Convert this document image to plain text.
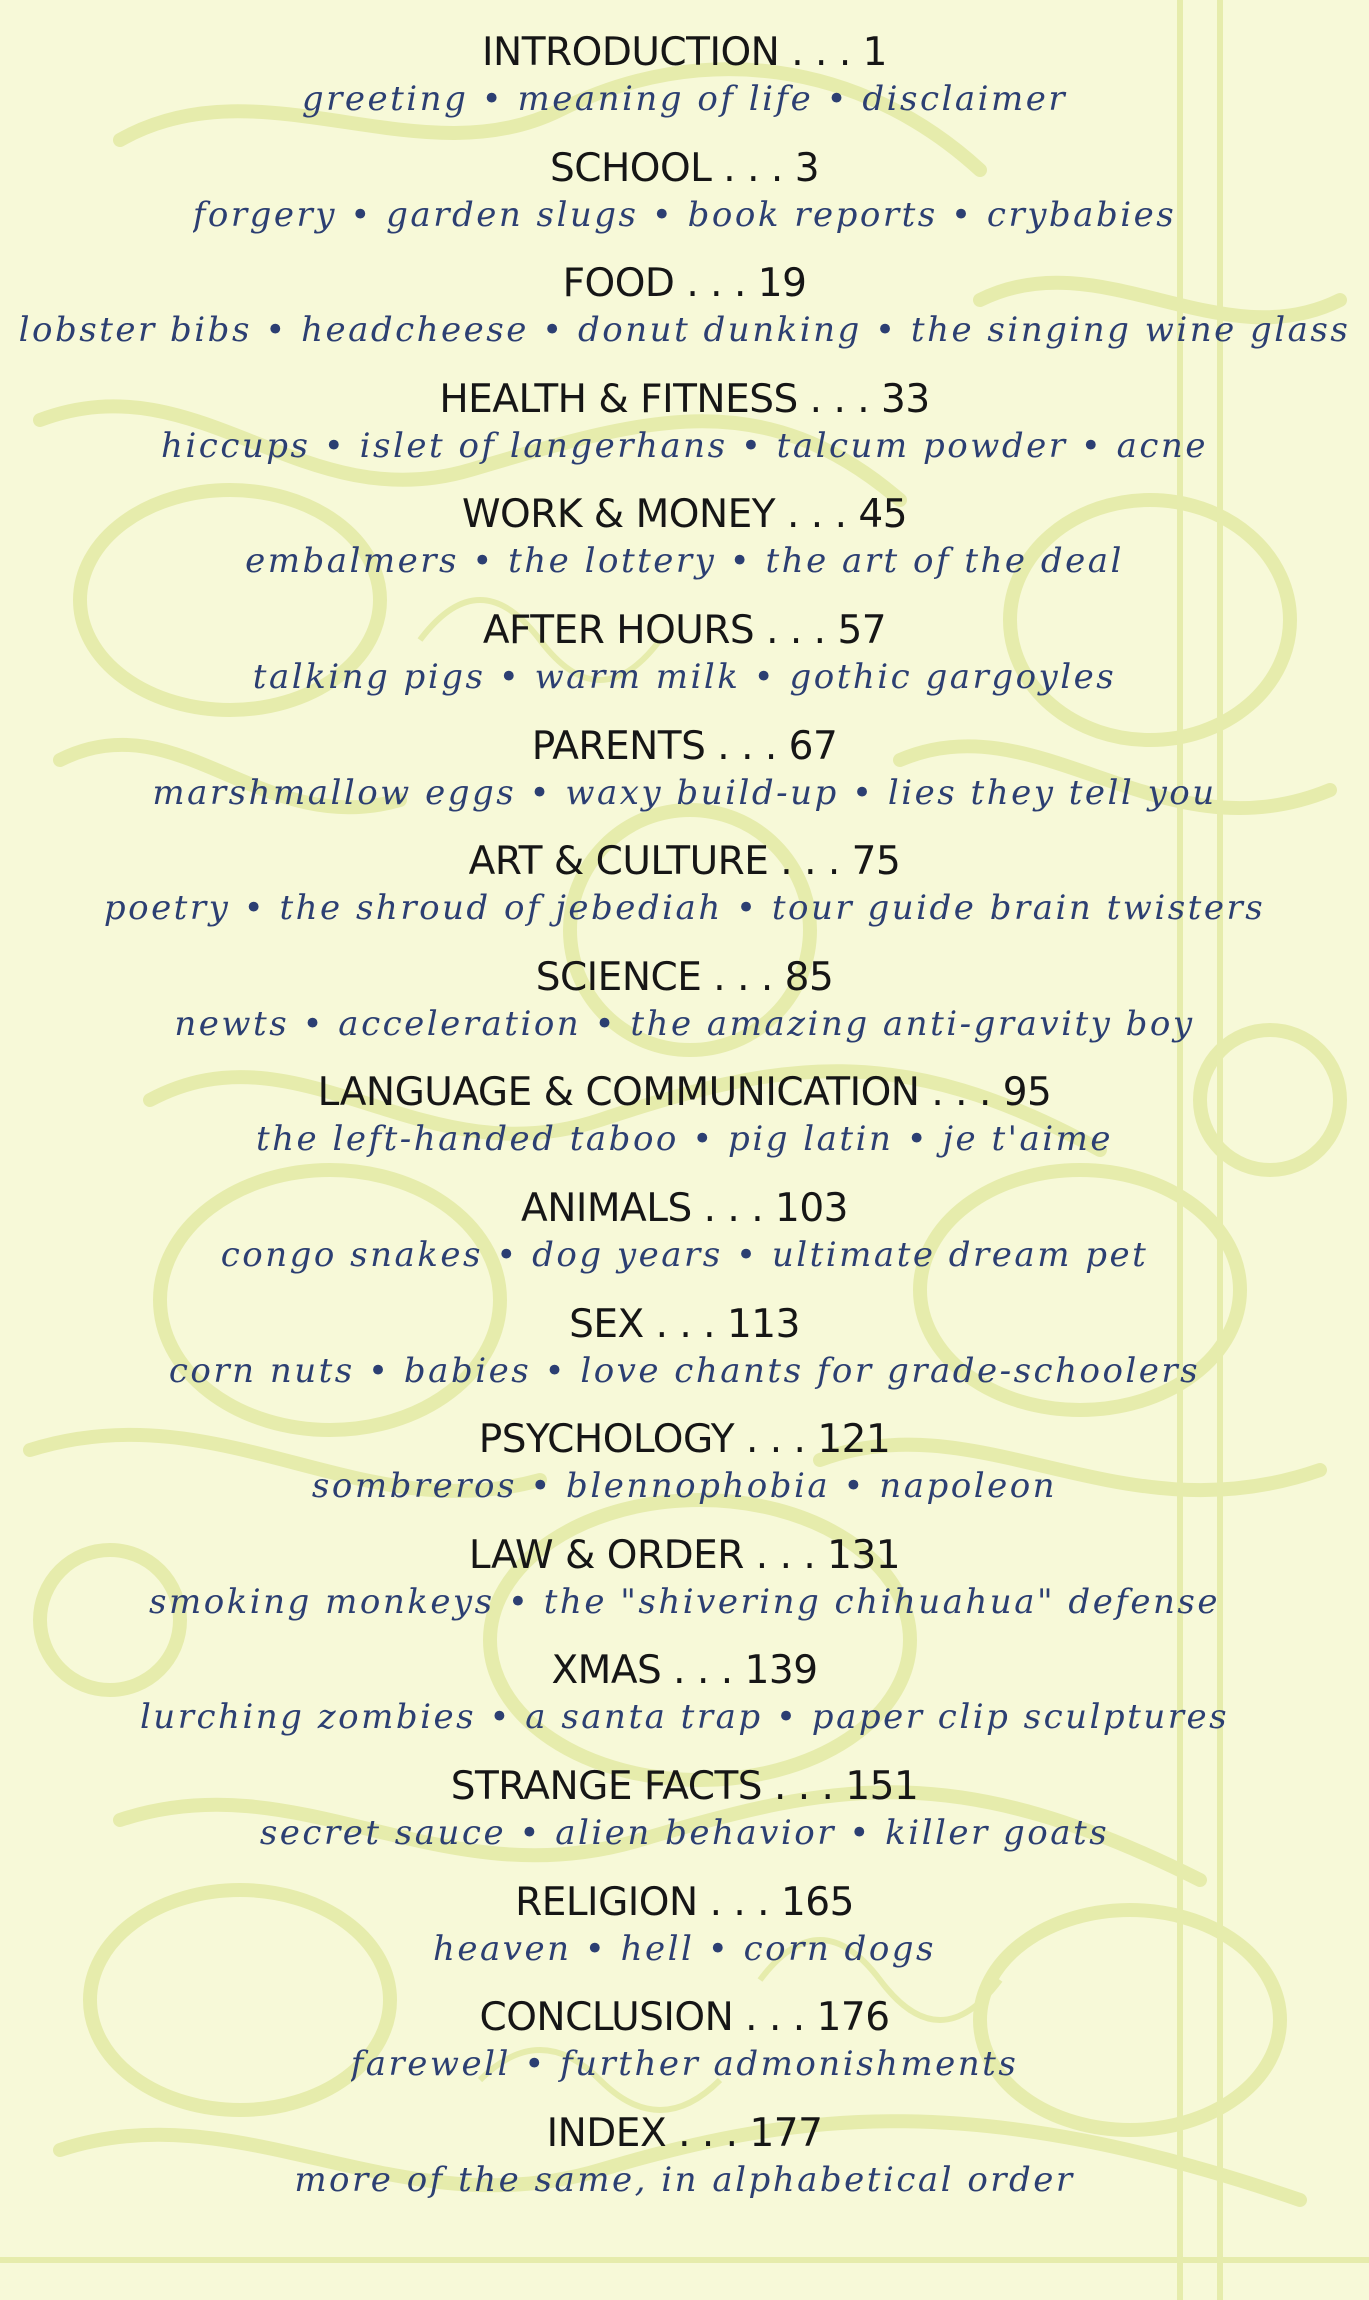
INTRODUCTION . . . 1
greeting • meaning of life • disclaimer
SCHOOL . . . 3
forgery • garden slugs • book reports • crybabies
FOOD . . . 19
lobster bibs • headcheese • donut dunking • the singing wine glass
HEALTH & FITNESS . . . 33
hiccups • islet of langerhans • talcum powder • acne
WORK & MONEY . . . 45
embalmers • the lottery • the art of the deal
AFTER HOURS . . . 57
talking pigs • warm milk • gothic gargoyles
PARENTS . . . 67
marshmallow eggs • waxy build-up • lies they tell you
ART & CULTURE . . . 75
poetry • the shroud of jebediah • tour guide brain twisters
SCIENCE . . . 85
newts • acceleration • the amazing anti-gravity boy
LANGUAGE & COMMUNICATION . . . 95
the left-handed taboo • pig latin • je t'aime
ANIMALS . . . 103
congo snakes • dog years • ultimate dream pet
SEX . . . 113
corn nuts • babies • love chants for grade-schoolers
PSYCHOLOGY . . . 121
sombreros • blennophobia • napoleon
LAW & ORDER . . . 131
smoking monkeys • the "shivering chihuahua" defense
XMAS . . . 139
lurching zombies • a santa trap • paper clip sculptures
STRANGE FACTS . . . 151
secret sauce • alien behavior • killer goats
RELIGION . . . 165
heaven • hell • corn dogs
CONCLUSION . . . 176
farewell • further admonishments
INDEX . . . 177
more of the same, in alphabetical order
